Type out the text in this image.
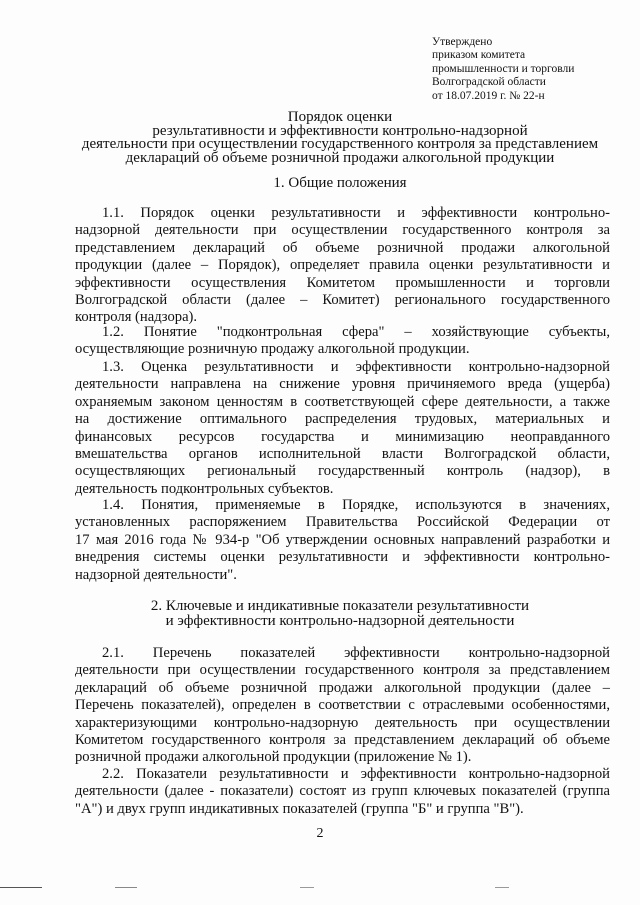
Утверждено
приказом комитета
промышленности и торговли
Волгоградской области
от 18.07.2019 г. № 22-н
Порядок оценки
результативности и эффективности контрольно-надзорной
деятельности при осуществлении государственного контроля за представлением
деклараций об объеме розничной продажи алкогольной продукции
1. Общие положения
1.1. Порядок оценки результативности и эффективности контрольно-
надзорной деятельности при осуществлении государственного контроля за
представлением деклараций об объеме розничной продажи алкогольной
продукции (далее – Порядок), определяет правила оценки результативности и
эффективности осуществления Комитетом промышленности и торговли
Волгоградской области (далее – Комитет) регионального государственного
контроля (надзора).
1.2. Понятие "подконтрольная сфера" – хозяйствующие субъекты,
осуществляющие розничную продажу алкогольной продукции.
1.3. Оценка результативности и эффективности контрольно-надзорной
деятельности направлена на снижение уровня причиняемого вреда (ущерба)
охраняемым законом ценностям в соответствующей сфере деятельности, а также
на достижение оптимального распределения трудовых, материальных и
финансовых ресурсов государства и минимизацию неоправданного
вмешательства органов исполнительной власти Волгоградской области,
осуществляющих региональный государственный контроль (надзор), в
деятельность подконтрольных субъектов.
1.4. Понятия, применяемые в Порядке, используются в значениях,
установленных распоряжением Правительства Российской Федерации от
17 мая 2016 года № 934-р "Об утверждении основных направлений разработки и
внедрения системы оценки результативности и эффективности контрольно-
надзорной деятельности".
2. Ключевые и индикативные показатели результативности
и эффективности контрольно-надзорной деятельности
2.1. Перечень показателей эффективности контрольно-надзорной
деятельности при осуществлении государственного контроля за представлением
деклараций об объеме розничной продажи алкогольной продукции (далее –
Перечень показателей), определен в соответствии с отраслевыми особенностями,
характеризующими контрольно-надзорную деятельность при осуществлении
Комитетом государственного контроля за представлением деклараций об объеме
розничной продажи алкогольной продукции (приложение № 1).
2.2. Показатели результативности и эффективности контрольно-надзорной
деятельности (далее - показатели) состоят из групп ключевых показателей (группа
"А") и двух групп индикативных показателей (группа "Б" и группа "В").
2
